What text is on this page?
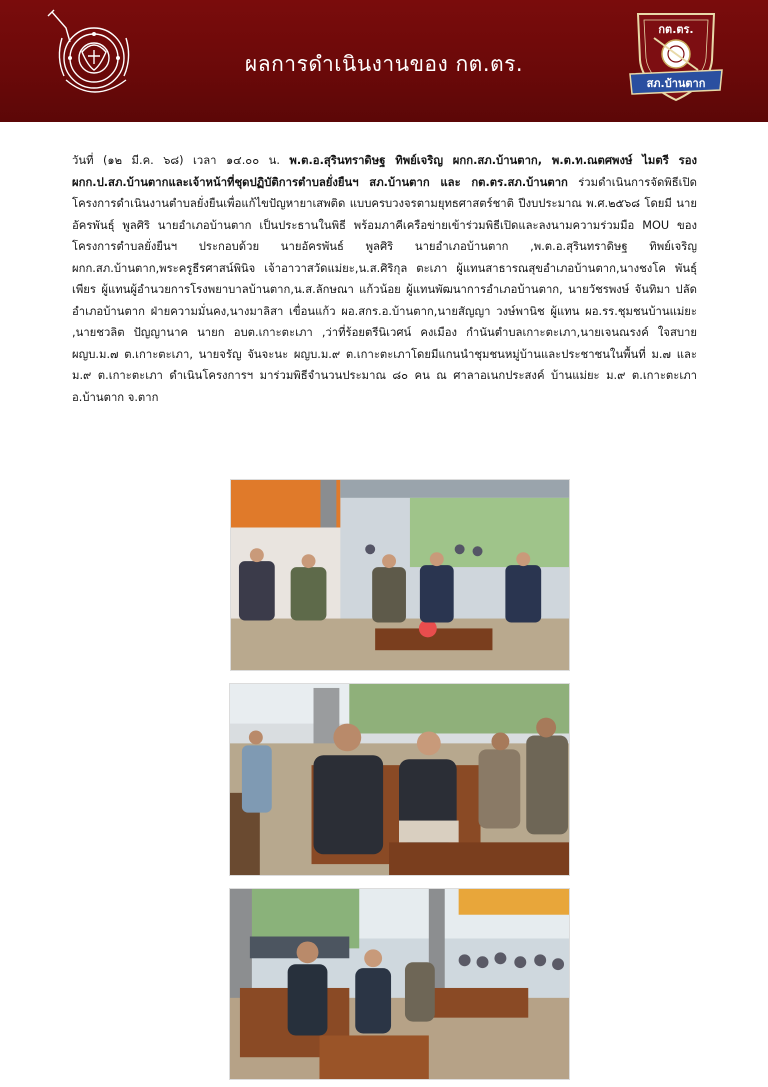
ผลการดำเนินงานของ กต.ตร.
กต.ตร.
สภ.บ้านตาก
วันที่ (๑๒ มี.ค. ๖๘) เวลา ๑๔.๐๐ น. พ.ต.อ.สุรินทราดิษฐ ทิพย์เจริญ ผกก.สภ.บ้านตาก, พ.ต.ท.ณตศพงษ์ ไมตรี รอง ผกก.ป.สภ.บ้านตากและเจ้าหน้าที่ชุดปฏิบัติการตำบลยั่งยืนฯ สภ.บ้านตาก และ กต.ตร.สภ.บ้านตาก ร่วมดำเนินการจัดพิธีเปิดโครงการดำเนินงานตำบลยั่งยืนเพื่อแก้ไขปัญหายาเสพติด แบบครบวงจรตามยุทธศาสตร์ชาติ ปีงบประมาณ พ.ศ.๒๕๖๘ โดยมี นายอัครพันธุ์ พูลศิริ นายอำเภอบ้านตาก เป็นประธานในพิธี พร้อมภาคีเครือข่ายเข้าร่วมพิธีเปิดและลงนามความร่วมมือ MOU ของโครงการตำบลยั่งยืนฯ ประกอบด้วย นายอัครพันธ์ พูลศิริ นายอำเภอบ้านตาก ,พ.ต.อ.สุรินทราดิษฐ ทิพย์เจริญ ผกก.สภ.บ้านตาก,พระครูธีรศาสน์พินิจ เจ้าอาวาสวัดแม่ยะ,น.ส.ศิริกุล ตะเภา ผู้แทนสาธารณสุขอำเภอบ้านตาก,นางชงโค พันธุ์เพียร ผู้แทนผู้อำนวยการโรงพยาบาลบ้านตาก,น.ส.ลักษณา แก้วน้อย ผู้แทนพัฒนาการอำเภอบ้านตาก, นายวัชรพงษ์ จันทิมา ปลัดอำเภอบ้านตาก ฝ่ายความมั่นคง,นางมาลิสา เขื่อนแก้ว ผอ.สกร.อ.บ้านตาก,นายสัญญา วงษ์พานิช ผู้แทน ผอ.รร.ชุมชนบ้านแม่ยะ ,นายชวลิต ปัญญานาค นายก อบต.เกาะตะเภา ,ว่าที่ร้อยตรีนิเวศน์ คงเมือง กำนันตำบลเกาะตะเภา,นายเจนณรงค์ ใจสบาย ผญบ.ม.๗ ต.เกาะตะเภา, นายจรัญ จันจะนะ ผญบ.ม.๙ ต.เกาะตะเภาโดยมีแกนนำชุมชนหมู่บ้านและประชาชนในพื้นที่ ม.๗ และ ม.๙ ต.เกาะตะเภา ดำเนินโครงการฯ มาร่วมพิธีจำนวนประมาณ ๘๐ คน ณ ศาลาอเนกประสงค์ บ้านแม่ยะ ม.๙ ต.เกาะตะเภา อ.บ้านตาก จ.ตาก
